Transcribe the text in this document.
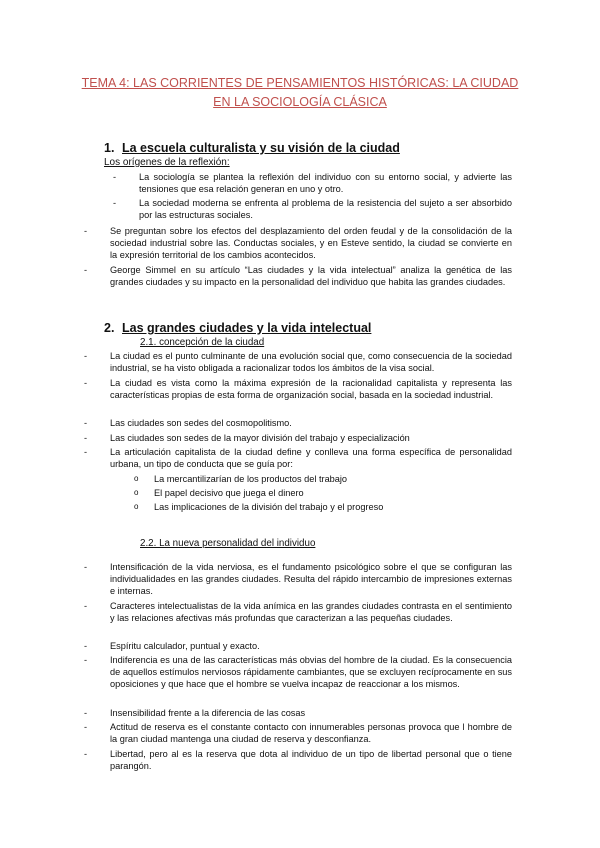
TEMA 4: LAS CORRIENTES DE PENSAMIENTOS HISTÓRICAS: LA CIUDAD
EN LA SOCIOLOGÍA CLÁSICA
1. La escuela culturalista y su visión de la ciudad
Los orígenes de la reflexión:
- La sociología se plantea la reflexión del individuo con su entorno social, y advierte las tensiones que esa relación generan en uno y otro.
- La sociedad moderna se enfrenta al problema de la resistencia del sujeto a ser absorbido por las estructuras sociales.
- Se preguntan sobre los efectos del desplazamiento del orden feudal y de la consolidación de la sociedad industrial sobre las. Conductas sociales, y en Esteve sentido, la ciudad se convierte en la expresión territorial de los cambios acontecidos.
- George Simmel en su artículo “Las ciudades y la vida intelectual” analiza la genética de las grandes ciudades y su impacto en la personalidad del individuo que habita las grandes ciudades.
2. Las grandes ciudades y la vida intelectual
2.1. concepción de la ciudad
- La ciudad es el punto culminante de una evolución social que, como consecuencia de la sociedad industrial, se ha visto obligada a racionalizar todos los ámbitos de la visa social.
- La ciudad es vista como la máxima expresión de la racionalidad capitalista y representa las características propias de esta forma de organización social, basada en la sociedad industrial.
- Las ciudades son sedes del cosmopolitismo.
- Las ciudades son sedes de la mayor división del trabajo y especialización
- La articulación capitalista de la ciudad define y conlleva una forma específica de personalidad urbana, un tipo de conducta que se guía por:
o La mercantilizarían de los productos del trabajo
o El papel decisivo que juega el dinero
o Las implicaciones de la división del trabajo y el progreso
2.2. La nueva personalidad del individuo
- Intensificación de la vida nerviosa, es el fundamento psicológico sobre el que se configuran las individualidades en las grandes ciudades. Resulta del rápido intercambio de impresiones externas e internas.
- Caracteres intelectualistas de la vida anímica en las grandes ciudades contrasta en el sentimiento y las relaciones afectivas más profundas que caracterizan a las pequeñas ciudades.
- Espíritu calculador, puntual y exacto.
- Indiferencia es una de las características más obvias del hombre de la ciudad. Es la consecuencia de aquellos estímulos nerviosos rápidamente cambiantes, que se excluyen recíprocamente en sus oposiciones y que hace que el hombre se vuelva incapaz de reaccionar a los mismos.
- Insensibilidad frente a la diferencia de las cosas
- Actitud de reserva es el constante contacto con innumerables personas provoca que l hombre de la gran ciudad mantenga una ciudad de reserva y desconfianza.
- Libertad, pero al es la reserva que dota al individuo de un tipo de libertad personal que o tiene parangón.
